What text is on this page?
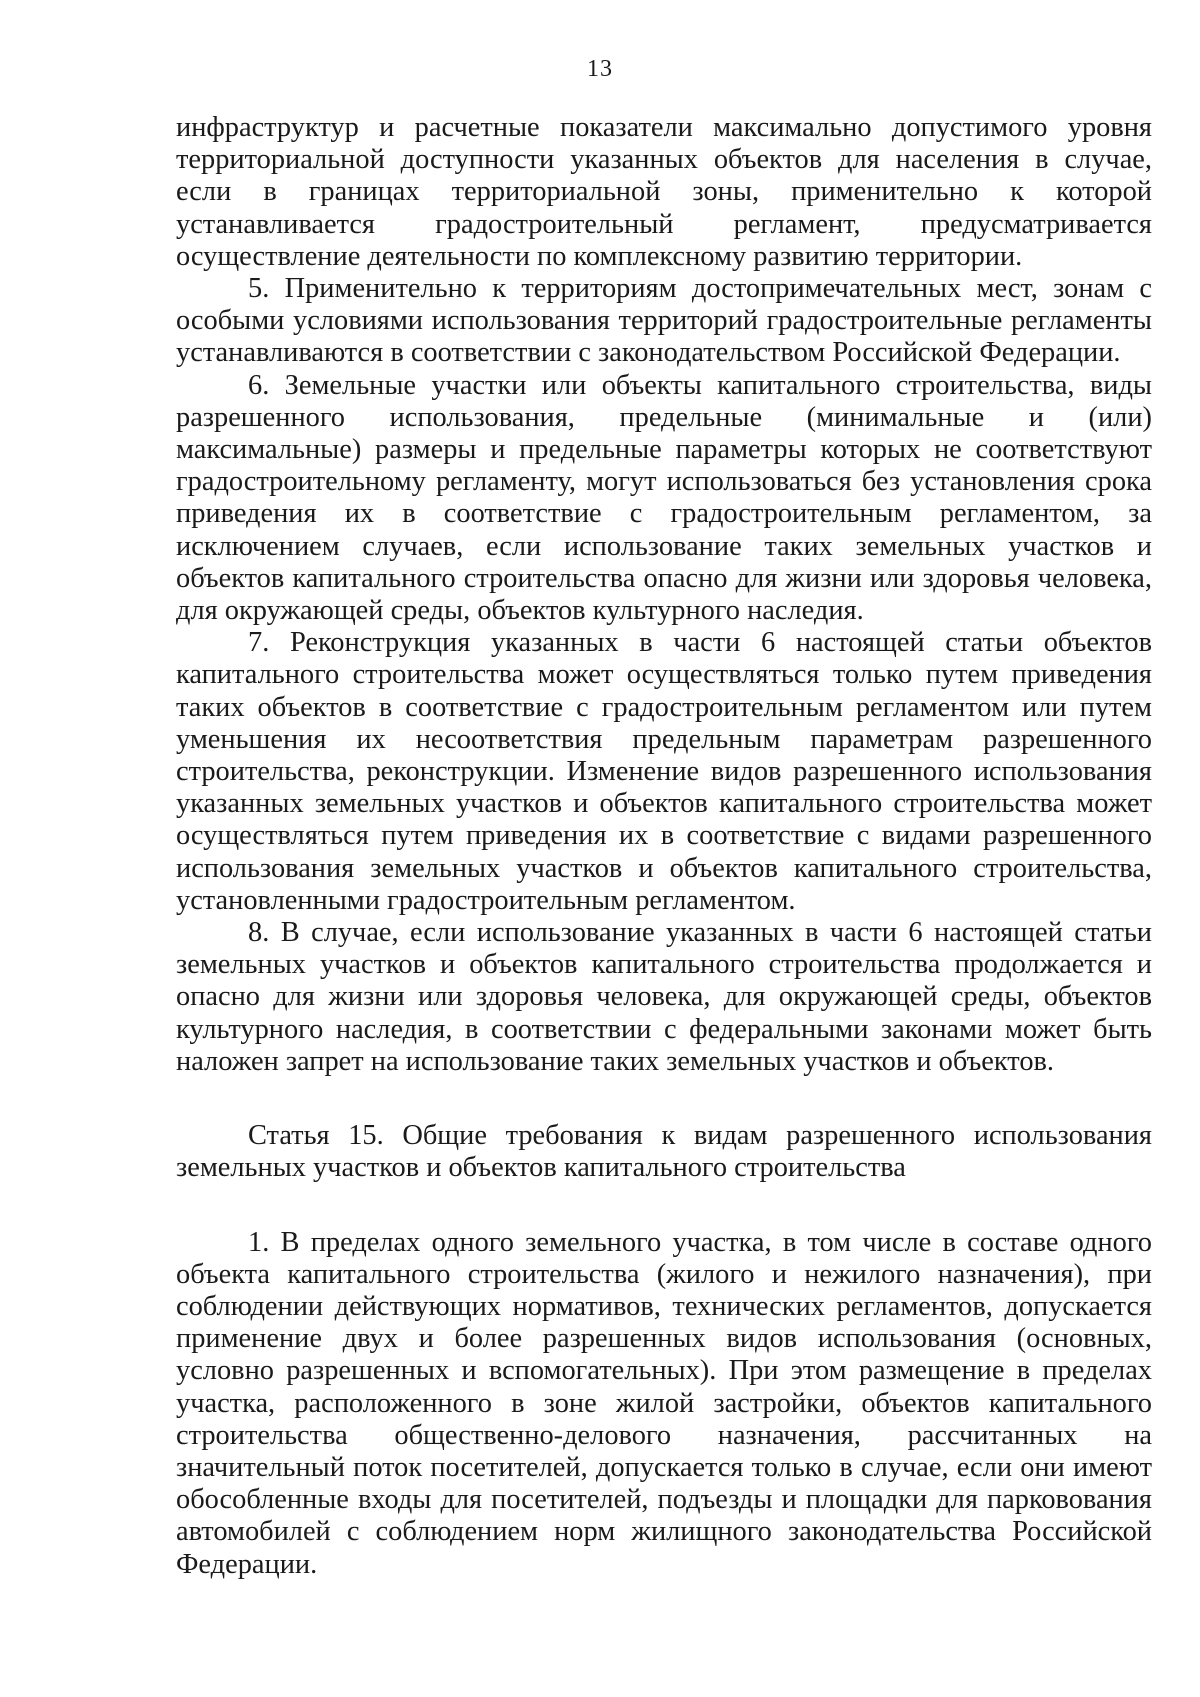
13

инфраструктур и расчетные показатели максимально допустимого уровня территориальной доступности указанных объектов для населения в случае, если в границах территориальной зоны, применительно к которой устанавливается градостроительный регламент, предусматривается осуществление деятельности по комплексному развитию территории.

5. Применительно к территориям достопримечательных мест, зонам с особыми условиями использования территорий градостроительные регламенты устанавливаются в соответствии с законодательством Российской Федерации.

6. Земельные участки или объекты капитального строительства, виды разрешенного использования, предельные (минимальные и (или) максимальные) размеры и предельные параметры которых не соответствуют градостроительному регламенту, могут использоваться без установления срока приведения их в соответствие с градостроительным регламентом, за исключением случаев, если использование таких земельных участков и объектов капитального строительства опасно для жизни или здоровья человека, для окружающей среды, объектов культурного наследия.

7. Реконструкция указанных в части 6 настоящей статьи объектов капитального строительства может осуществляться только путем приведения таких объектов в соответствие с градостроительным регламентом или путем уменьшения их несоответствия предельным параметрам разрешенного строительства, реконструкции. Изменение видов разрешенного использования указанных земельных участков и объектов капитального строительства может осуществляться путем приведения их в соответствие с видами разрешенного использования земельных участков и объектов капитального строительства, установленными градостроительным регламентом.

8. В случае, если использование указанных в части 6 настоящей статьи земельных участков и объектов капитального строительства продолжается и опасно для жизни или здоровья человека, для окружающей среды, объектов культурного наследия, в соответствии с федеральными законами может быть наложен запрет на использование таких земельных участков и объектов.

Статья 15. Общие требования к видам разрешенного использования земельных участков и объектов капитального строительства

1. В пределах одного земельного участка, в том числе в составе одного объекта капитального строительства (жилого и нежилого назначения), при соблюдении действующих нормативов, технических регламентов, допускается применение двух и более разрешенных видов использования (основных, условно разрешенных и вспомогательных). При этом размещение в пределах участка, расположенного в зоне жилой застройки, объектов капитального строительства общественно-делового назначения, рассчитанных на значительный поток посетителей, допускается только в случае, если они имеют обособленные входы для посетителей, подъезды и площадки для парковования автомобилей с соблюдением норм жилищного законодательства Российской Федерации.
